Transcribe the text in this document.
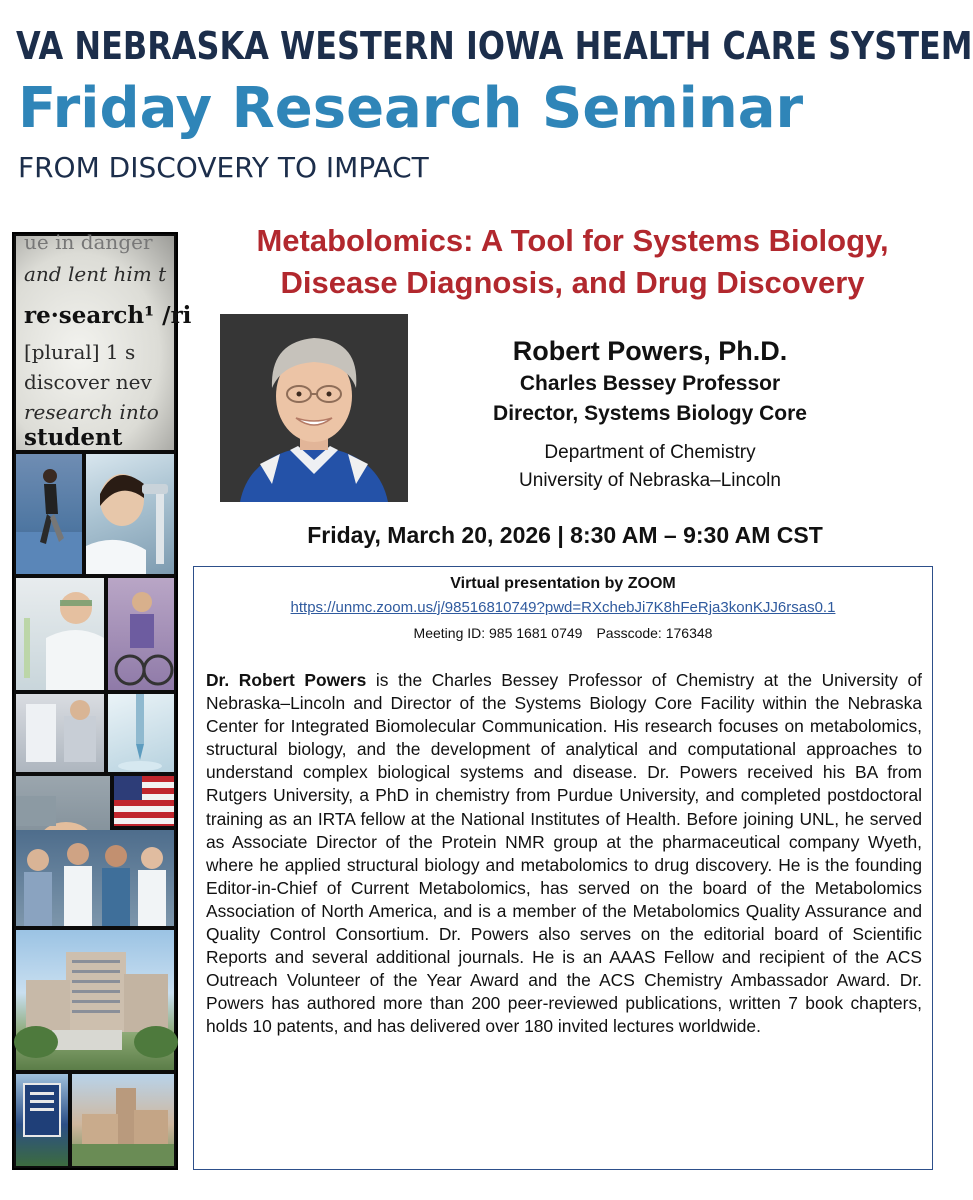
VA NEBRASKA WESTERN IOWA HEALTH CARE SYSTEM
Friday Research Seminar
FROM DISCOVERY TO IMPACT
ue in danger
and lent him t
re·search¹ /ri
[plural] 1 s
discover nev
research into
student
Metabolomics: A Tool for Systems Biology,
Disease Diagnosis, and Drug Discovery
Robert Powers, Ph.D.
Charles Bessey Professor
Director, Systems Biology Core
Department of Chemistry
University of Nebraska–Lincoln
Friday, March 20, 2026 | 8:30 AM – 9:30 AM CST
Virtual presentation by ZOOM
https://unmc.zoom.us/j/98516810749?pwd=RXchebJi7K8hFeRja3konKJJ6rsas0.1
Meeting ID: 985 1681 0749 Passcode: 176348

Dr. Robert Powers is the Charles Bessey Professor of Chemistry at the University of Nebraska–Lincoln and Director of the Systems Biology Core Facility within the Nebraska Center for Integrated Biomolecular Communication. His research focuses on metabolomics, structural biology, and the development of analytical and computational approaches to understand complex biological systems and disease. Dr. Powers received his BA from Rutgers University, a PhD in chemistry from Purdue University, and completed postdoctoral training as an IRTA fellow at the National Institutes of Health. Before joining UNL, he served as Associate Director of the Protein NMR group at the pharmaceutical company Wyeth, where he applied structural biology and metabolomics to drug discovery. He is the founding Editor-in-Chief of Current Metabolomics, has served on the board of the Metabolomics Association of North America, and is a member of the Metabolomics Quality Assurance and Quality Control Consortium. Dr. Powers also serves on the editorial board of Scientific Reports and several additional journals. He is an AAAS Fellow and recipient of the ACS Outreach Volunteer of the Year Award and the ACS Chemistry Ambassador Award. Dr. Powers has authored more than 200 peer-reviewed publications, written 7 book chapters, holds 10 patents, and has delivered over 180 invited lectures worldwide.
